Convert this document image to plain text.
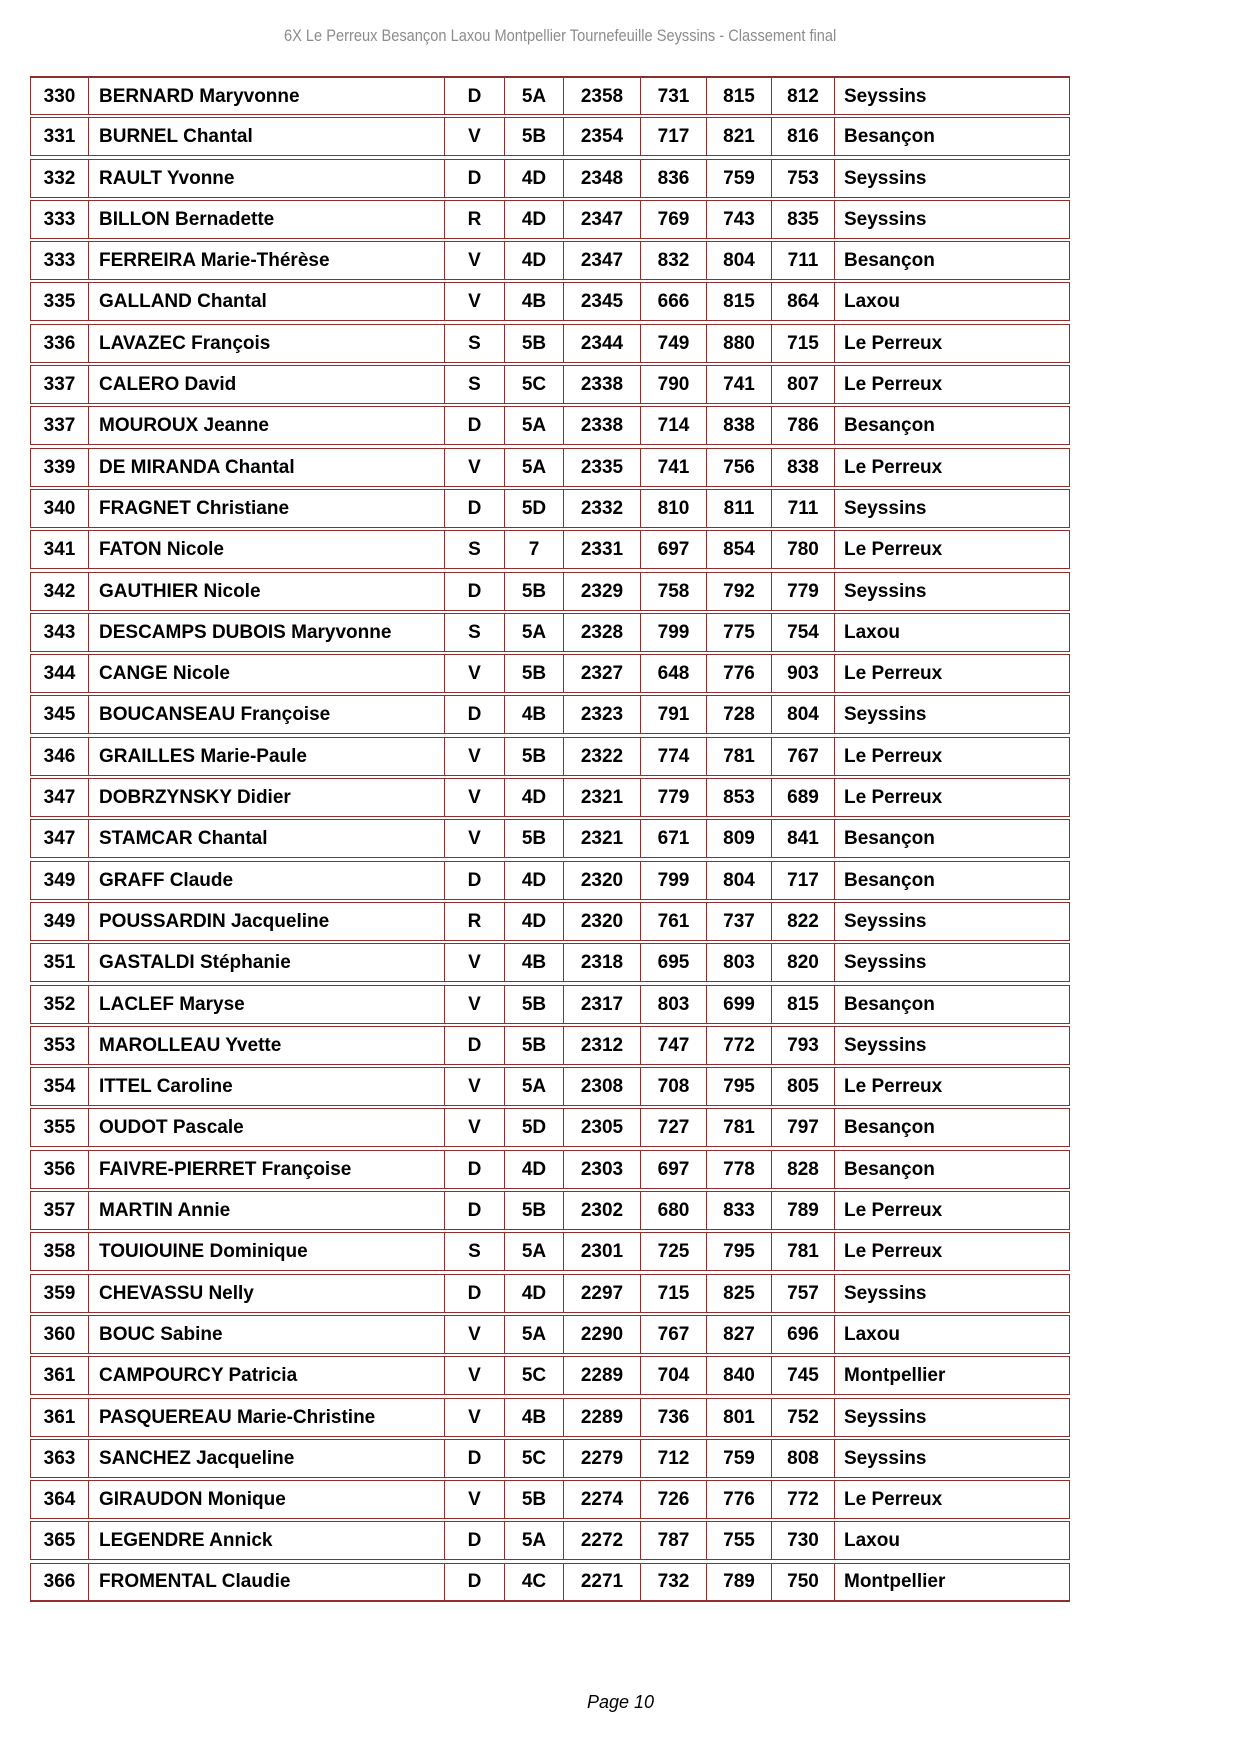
6X Le Perreux Besançon Laxou Montpellier Tournefeuille Seyssins - Classement final
330	BERNARD Maryvonne	D	5A	2358	731	815	812	Seyssins
331	BURNEL Chantal	V	5B	2354	717	821	816	Besançon
332	RAULT Yvonne	D	4D	2348	836	759	753	Seyssins
333	BILLON Bernadette	R	4D	2347	769	743	835	Seyssins
333	FERREIRA Marie-Thérèse	V	4D	2347	832	804	711	Besançon
335	GALLAND Chantal	V	4B	2345	666	815	864	Laxou
336	LAVAZEC François	S	5B	2344	749	880	715	Le Perreux
337	CALERO David	S	5C	2338	790	741	807	Le Perreux
337	MOUROUX Jeanne	D	5A	2338	714	838	786	Besançon
339	DE MIRANDA Chantal	V	5A	2335	741	756	838	Le Perreux
340	FRAGNET Christiane	D	5D	2332	810	811	711	Seyssins
341	FATON Nicole	S	7	2331	697	854	780	Le Perreux
342	GAUTHIER Nicole	D	5B	2329	758	792	779	Seyssins
343	DESCAMPS DUBOIS Maryvonne	S	5A	2328	799	775	754	Laxou
344	CANGE Nicole	V	5B	2327	648	776	903	Le Perreux
345	BOUCANSEAU Françoise	D	4B	2323	791	728	804	Seyssins
346	GRAILLES Marie-Paule	V	5B	2322	774	781	767	Le Perreux
347	DOBRZYNSKY Didier	V	4D	2321	779	853	689	Le Perreux
347	STAMCAR Chantal	V	5B	2321	671	809	841	Besançon
349	GRAFF Claude	D	4D	2320	799	804	717	Besançon
349	POUSSARDIN Jacqueline	R	4D	2320	761	737	822	Seyssins
351	GASTALDI Stéphanie	V	4B	2318	695	803	820	Seyssins
352	LACLEF Maryse	V	5B	2317	803	699	815	Besançon
353	MAROLLEAU Yvette	D	5B	2312	747	772	793	Seyssins
354	ITTEL Caroline	V	5A	2308	708	795	805	Le Perreux
355	OUDOT Pascale	V	5D	2305	727	781	797	Besançon
356	FAIVRE-PIERRET Françoise	D	4D	2303	697	778	828	Besançon
357	MARTIN Annie	D	5B	2302	680	833	789	Le Perreux
358	TOUIOUINE Dominique	S	5A	2301	725	795	781	Le Perreux
359	CHEVASSU Nelly	D	4D	2297	715	825	757	Seyssins
360	BOUC Sabine	V	5A	2290	767	827	696	Laxou
361	CAMPOURCY Patricia	V	5C	2289	704	840	745	Montpellier
361	PASQUEREAU Marie-Christine	V	4B	2289	736	801	752	Seyssins
363	SANCHEZ Jacqueline	D	5C	2279	712	759	808	Seyssins
364	GIRAUDON Monique	V	5B	2274	726	776	772	Le Perreux
365	LEGENDRE Annick	D	5A	2272	787	755	730	Laxou
366	FROMENTAL Claudie	D	4C	2271	732	789	750	Montpellier
Page 10
